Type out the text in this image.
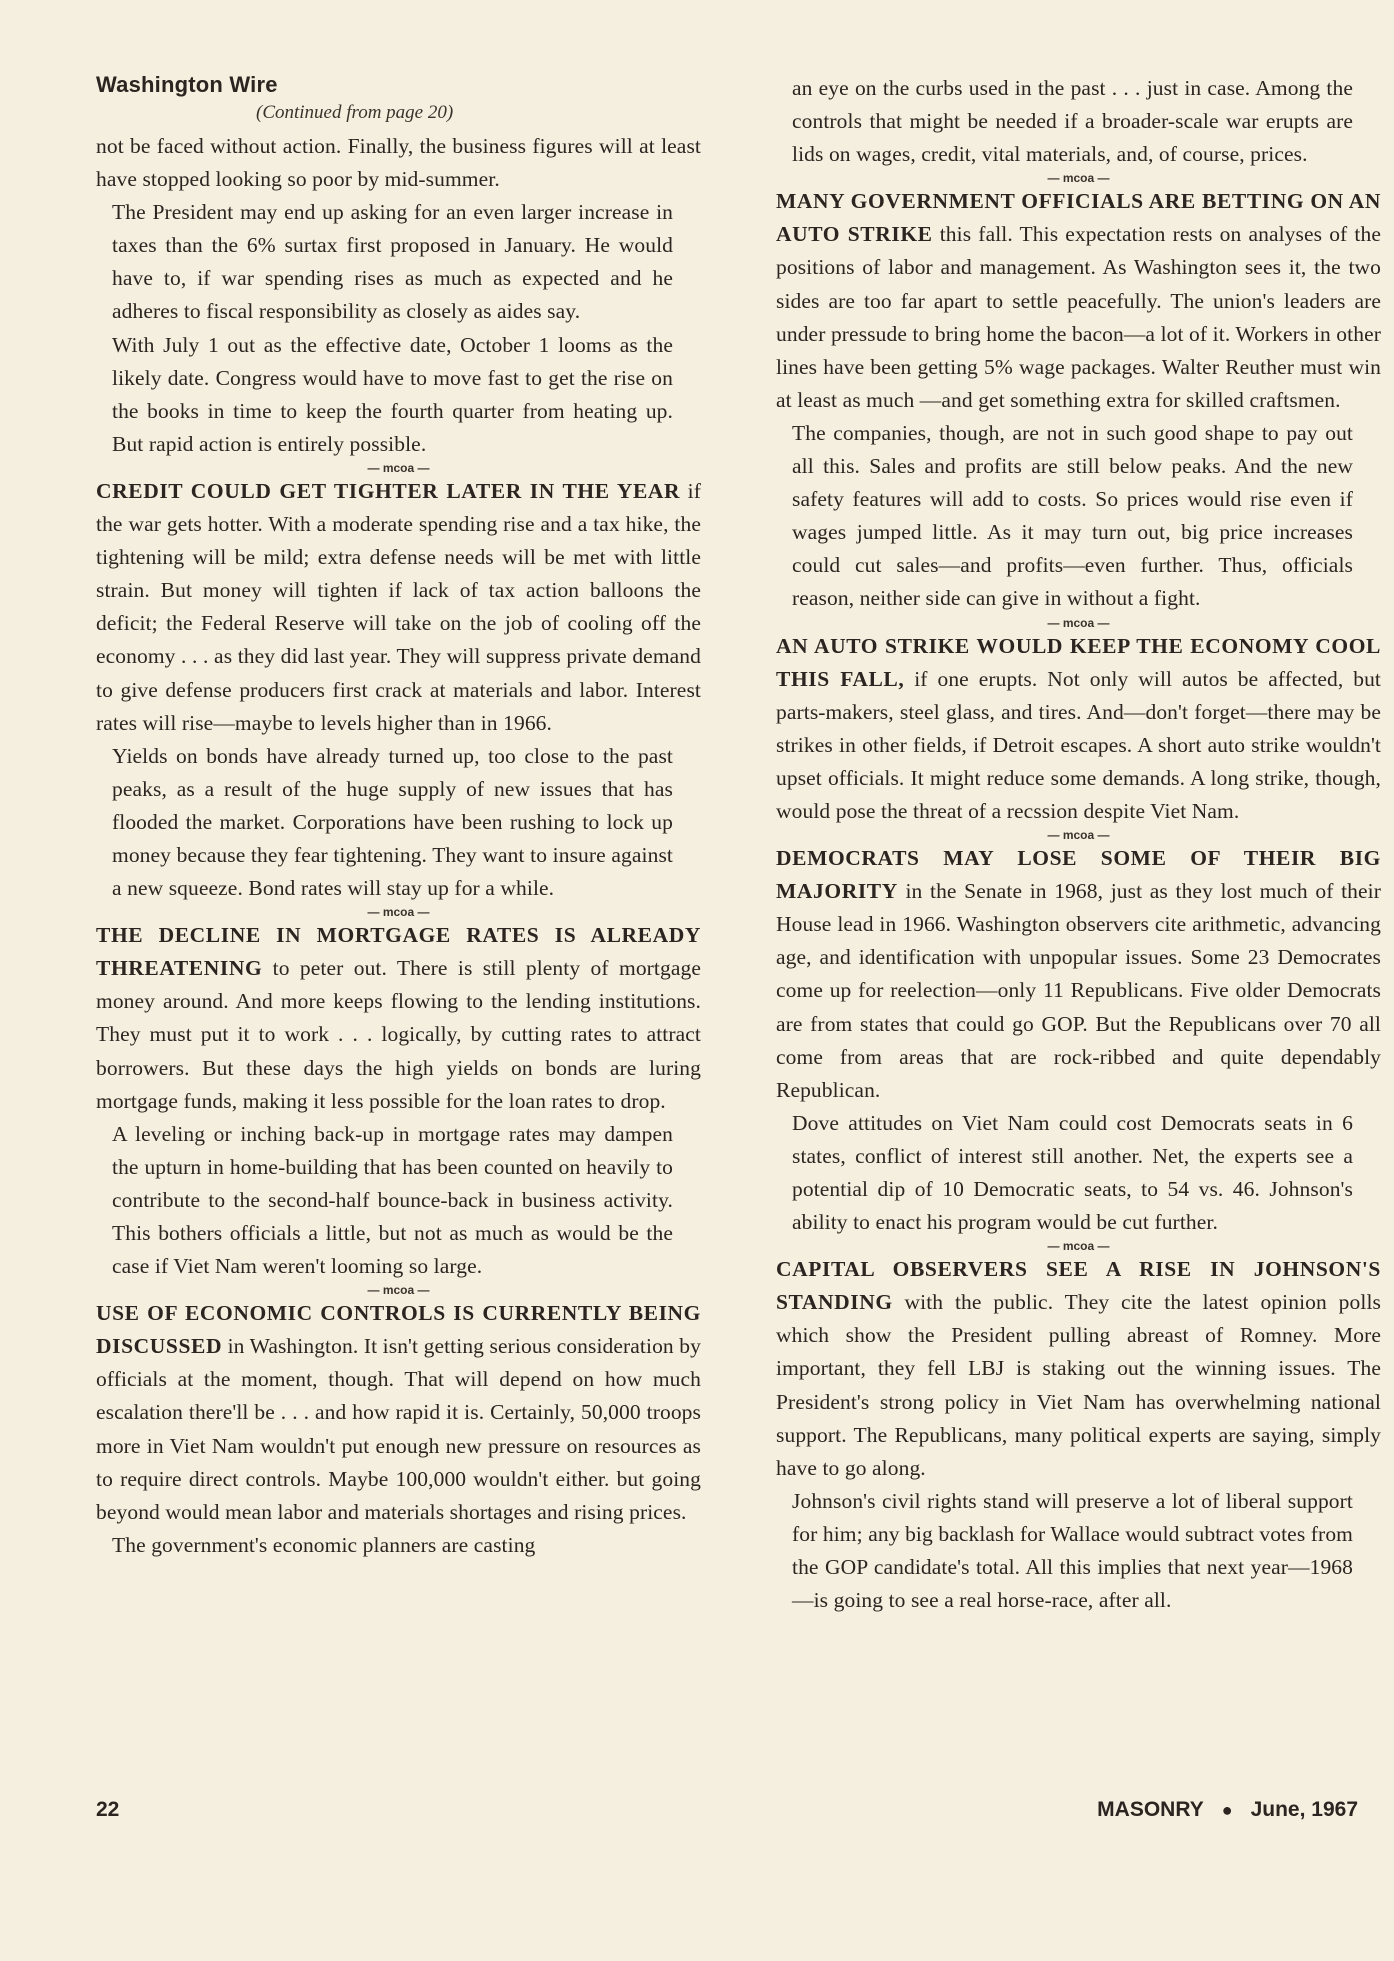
Washington Wire

(Continued from page 20)

not be faced without action. Finally, the business figures will at least have stopped looking so poor by mid-summer.

The President may end up asking for an even larger increase in taxes than the 6% surtax first proposed in January. He would have to, if war spending rises as much as expected and he adheres to fiscal responsibility as closely as aides say.

With July 1 out as the effective date, October 1 looms as the likely date. Congress would have to move fast to get the rise on the books in time to keep the fourth quarter from heating up. But rapid action is entirely possible.

— mcoa —

CREDIT COULD GET TIGHTER LATER IN THE YEAR if the war gets hotter. With a moderate spending rise and a tax hike, the tightening will be mild; extra defense needs will be met with little strain. But money will tighten if lack of tax action balloons the deficit; the Federal Reserve will take on the job of cooling off the economy . . . as they did last year. They will suppress private demand to give defense producers first crack at materials and labor. Interest rates will rise—maybe to levels higher than in 1966.

Yields on bonds have already turned up, too close to the past peaks, as a result of the huge supply of new issues that has flooded the market. Corporations have been rushing to lock up money because they fear tightening. They want to insure against a new squeeze. Bond rates will stay up for a while.

— mcoa —

THE DECLINE IN MORTGAGE RATES IS ALREADY THREATENING to peter out. There is still plenty of mortgage money around. And more keeps flowing to the lending institutions. They must put it to work . . . logically, by cutting rates to attract borrowers. But these days the high yields on bonds are luring mortgage funds, making it less possible for the loan rates to drop.

A leveling or inching back-up in mortgage rates may dampen the upturn in home-building that has been counted on heavily to contribute to the second-half bounce-back in business activity. This bothers officials a little, but not as much as would be the case if Viet Nam weren't looming so large.

— mcoa —

USE OF ECONOMIC CONTROLS IS CURRENTLY BEING DISCUSSED in Washington. It isn't getting serious consideration by officials at the moment, though. That will depend on how much escalation there'll be . . . and how rapid it is. Certainly, 50,000 troops more in Viet Nam wouldn't put enough new pressure on resources as to require direct controls. Maybe 100,000 wouldn't either. but going beyond would mean labor and materials shortages and rising prices.

The government's economic planners are casting

an eye on the curbs used in the past . . . just in case. Among the controls that might be needed if a broader-scale war erupts are lids on wages, credit, vital materials, and, of course, prices.

— mcoa —

MANY GOVERNMENT OFFICIALS ARE BETTING ON AN AUTO STRIKE this fall. This expectation rests on analyses of the positions of labor and management. As Washington sees it, the two sides are too far apart to settle peacefully. The union's leaders are under pressude to bring home the bacon—a lot of it. Workers in other lines have been getting 5% wage packages. Walter Reuther must win at least as much —and get something extra for skilled craftsmen.

The companies, though, are not in such good shape to pay out all this. Sales and profits are still below peaks. And the new safety features will add to costs. So prices would rise even if wages jumped little. As it may turn out, big price increases could cut sales—and profits—even further. Thus, officials reason, neither side can give in without a fight.

— mcoa —

AN AUTO STRIKE WOULD KEEP THE ECONOMY COOL THIS FALL, if one erupts. Not only will autos be affected, but parts-makers, steel glass, and tires. And—don't forget—there may be strikes in other fields, if Detroit escapes. A short auto strike wouldn't upset officials. It might reduce some demands. A long strike, though, would pose the threat of a recssion despite Viet Nam.

— mcoa —

DEMOCRATS MAY LOSE SOME OF THEIR BIG MAJORITY in the Senate in 1968, just as they lost much of their House lead in 1966. Washington observers cite arithmetic, advancing age, and identification with unpopular issues. Some 23 Democrates come up for reelection—only 11 Republicans. Five older Democrats are from states that could go GOP. But the Republicans over 70 all come from areas that are rock-ribbed and quite dependably Republican.

Dove attitudes on Viet Nam could cost Democrats seats in 6 states, conflict of interest still another. Net, the experts see a potential dip of 10 Democratic seats, to 54 vs. 46. Johnson's ability to enact his program would be cut further.

— mcoa —

CAPITAL OBSERVERS SEE A RISE IN JOHNSON'S STANDING with the public. They cite the latest opinion polls which show the President pulling abreast of Romney. More important, they fell LBJ is staking out the winning issues. The President's strong policy in Viet Nam has overwhelming national support. The Republicans, many political experts are saying, simply have to go along.

Johnson's civil rights stand will preserve a lot of liberal support for him; any big backlash for Wallace would subtract votes from the GOP candidate's total. All this implies that next year—1968 —is going to see a real horse-race, after all.

22	MASONRY ● June, 1967
